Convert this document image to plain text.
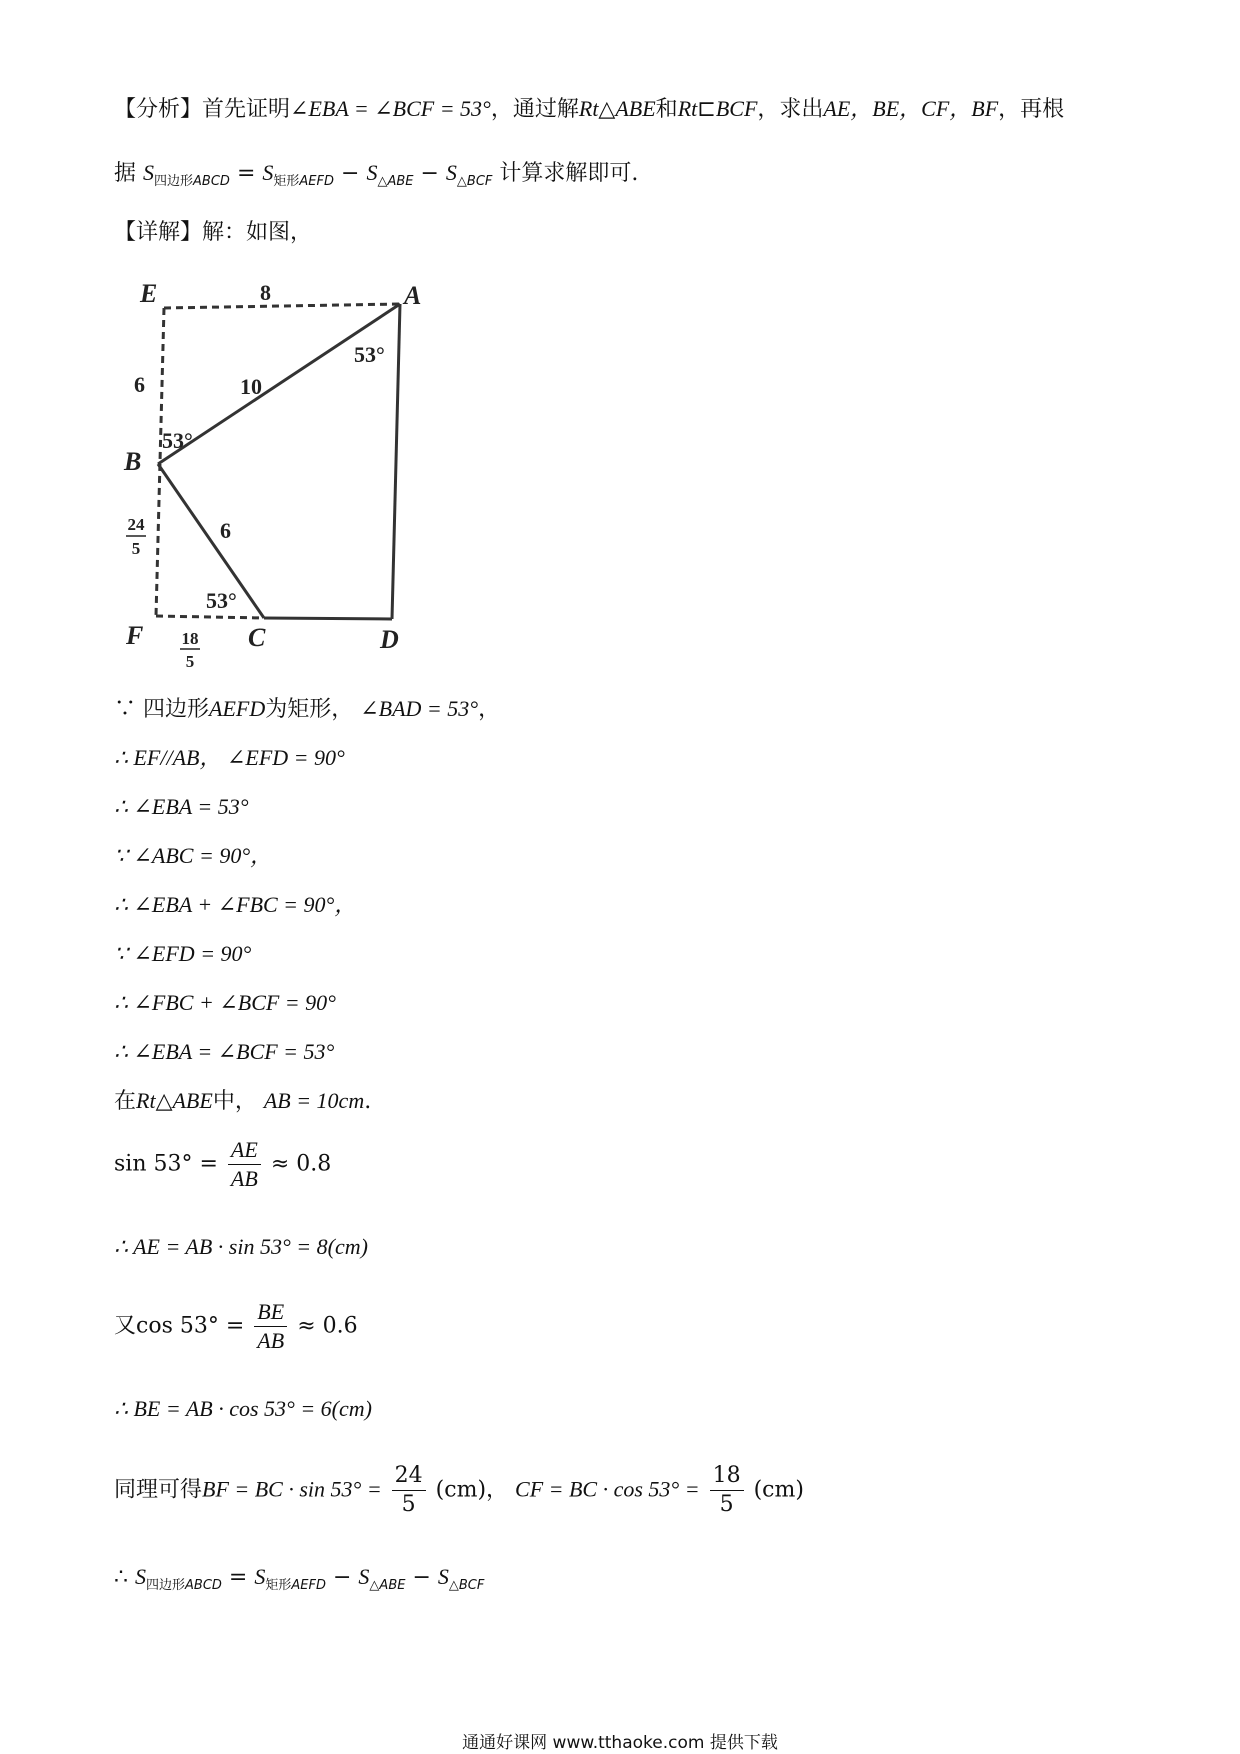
【分析】首先证明∠EBA = ∠BCF = 53°，通过解Rt△ABE和Rt⊏BCF，求出AE，BE，CF，BF，再根
据 $S_{四边形ABCD} = S_{矩形AEFD} - S_{\triangle ABE} - S_{\triangle BCF}$ 计算求解即可.
【详解】解：如图，
E	A
B
F	C	D
8
6	10
6
53°
53°
53°
24
5
18
5
∵ 四边形AEFD为矩形， ∠BAD = 53°，
∴ EF//AB， ∠EFD = 90°
∴ ∠EBA = 53°
∵ ∠ABC = 90°，
∴ ∠EBA + ∠FBC = 90°，
∵ ∠EFD = 90°
∴ ∠FBC + ∠BCF = 90°
∴ ∠EBA = ∠BCF = 53°
在Rt△ABE中， AB = 10cm.
$\sin 53^\circ = \frac{AE}{AB} \approx 0.8$
∴ AE = AB · sin 53° = 8(cm)
又$\cos 53^\circ = \frac{BE}{AB} \approx 0.6$
∴ BE = AB · cos 53° = 6(cm)
同理可得BF = BC · $\sin 53^\circ = \frac{24}{5} (cm)$， CF = BC · $\cos 53^\circ = \frac{18}{5} (cm)$
∴ $S_{四边形ABCD} = S_{矩形AEFD} - S_{\triangle ABE} - S_{\triangle BCF}$
通通好课网 www.tthaoke.com 提供下载
